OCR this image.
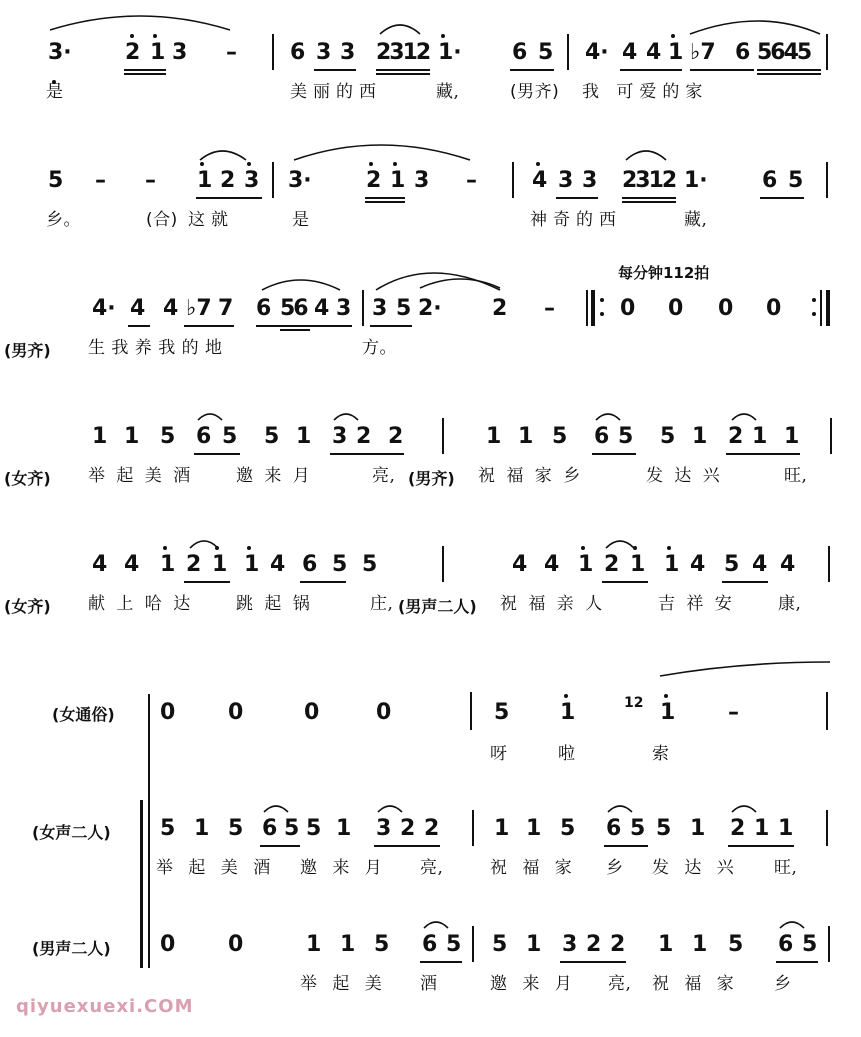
3· 2 1 3 – 6 3 3 2312 1· 6 5 4· 4 4 1 ♭7 6 5645
是	美丽的西	藏,	(男齐) 我 可爱的家
5 – – 1 2 3 3· 2 1 3 –	4 3 3 2312 1· 6 5
乡。	(合) 这就	是	神奇的西	藏,
每分钟112拍
4· 4 4 ♭7 7 6 56 4 3 3 5 2· 2 –	0 0 0 0
(男齐) 生 我 养 我 的 地	方。
1 1 5 6 5 5 1 3 2 2	1 1 5 6 5 5 1 2 1 1
(女齐) 举 起 美 酒	邀 来 月	亮, (男齐) 祝 福 家 乡	发 达 兴	旺,
4 4 1 2 1 1 4 6 5 5	4 4 1 2 1 1 4 5 4 4
(女齐) 献 上 哈 达	跳 起 锅	庄, (男声二人) 祝 福 亲 人	吉 祥 安	康,
(女通俗) 0 0	0	0	5 1	12 1 –
呀	啦	索
(女声二人) 5 1 5 6 5 5 1 3 2 2 1 1 5 6 5 5 1 2 1 1
举 起 美 酒 邀 来 月 亮,	祝 福 家 乡 发 达 兴 旺,
(男声二人) 0 0	1 1 5 6 5 5 1 3 2 2 1 1 5 6 5
举 起 美 酒	邀 来 月 亮, 祝 福 家 乡
qiyuexuexi.COM
